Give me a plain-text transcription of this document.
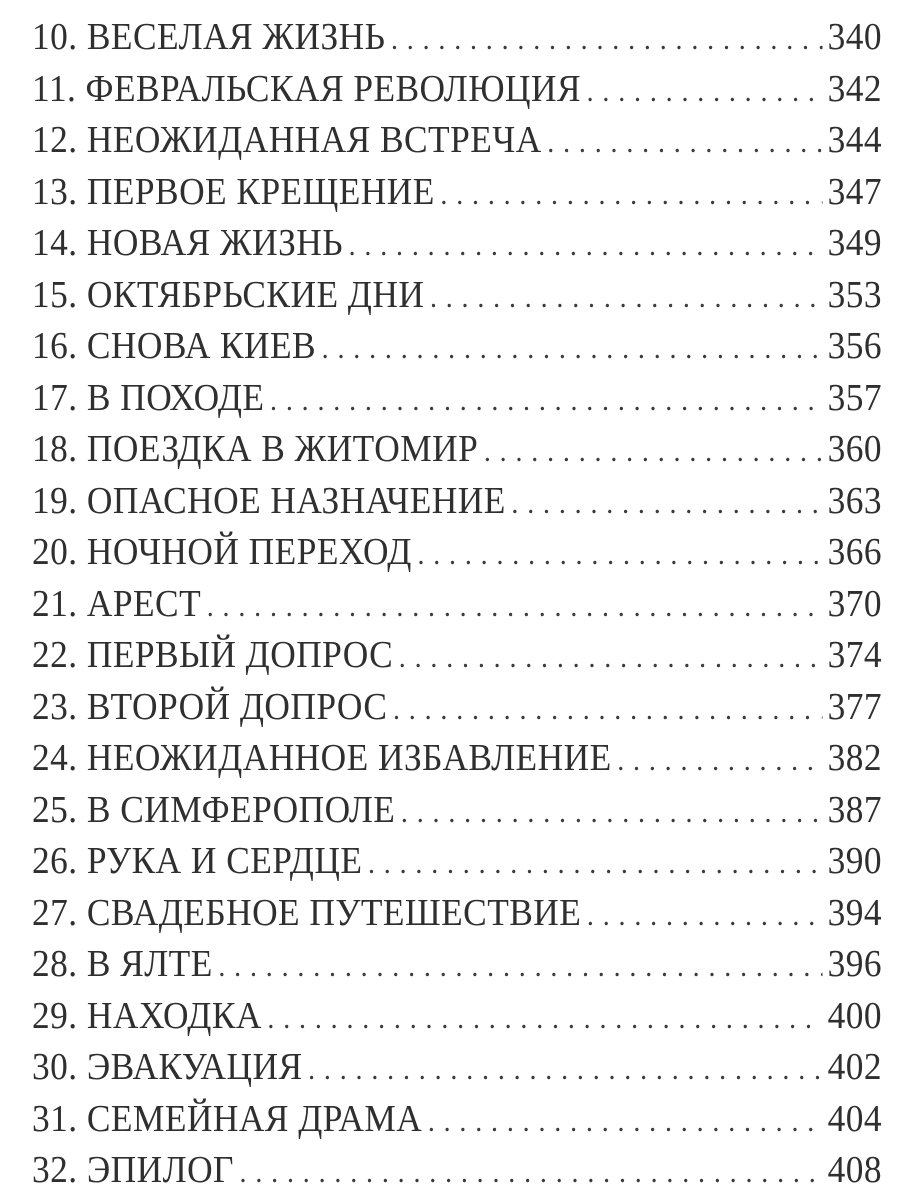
10. ВЕСЕЛАЯ ЖИЗНЬ . . .	340
11. ФЕВРАЛЬСКАЯ РЕВОЛЮЦИЯ . . .	342
12. НЕОЖИДАННАЯ ВСТРЕЧА . . .	344
13. ПЕРВОЕ КРЕЩЕНИЕ . . .	347
14. НОВАЯ ЖИЗНЬ . . .	349
15. ОКТЯБРЬСКИЕ ДНИ . . .	353
16. СНОВА КИЕВ . . .	356
17. В ПОХОДЕ . . .	357
18. ПОЕЗДКА В ЖИТОМИР . . .	360
19. ОПАСНОЕ НАЗНАЧЕНИЕ . . .	363
20. НОЧНОЙ ПЕРЕХОД . . .	366
21. АРЕСТ . . .	370
22. ПЕРВЫЙ ДОПРОС . . .	374
23. ВТОРОЙ ДОПРОС . . .	377
24. НЕОЖИДАННОЕ ИЗБАВЛЕНИЕ . . .	382
25. В СИМФЕРОПОЛЕ . . .	387
26. РУКА И СЕРДЦЕ . . .	390
27. СВАДЕБНОЕ ПУТЕШЕСТВИЕ . . .	394
28. В ЯЛТЕ . . .	396
29. НАХОДКА . . .	400
30. ЭВАКУАЦИЯ . . .	402
31. СЕМЕЙНАЯ ДРАМА . . .	404
32. ЭПИЛОГ . . .	408
